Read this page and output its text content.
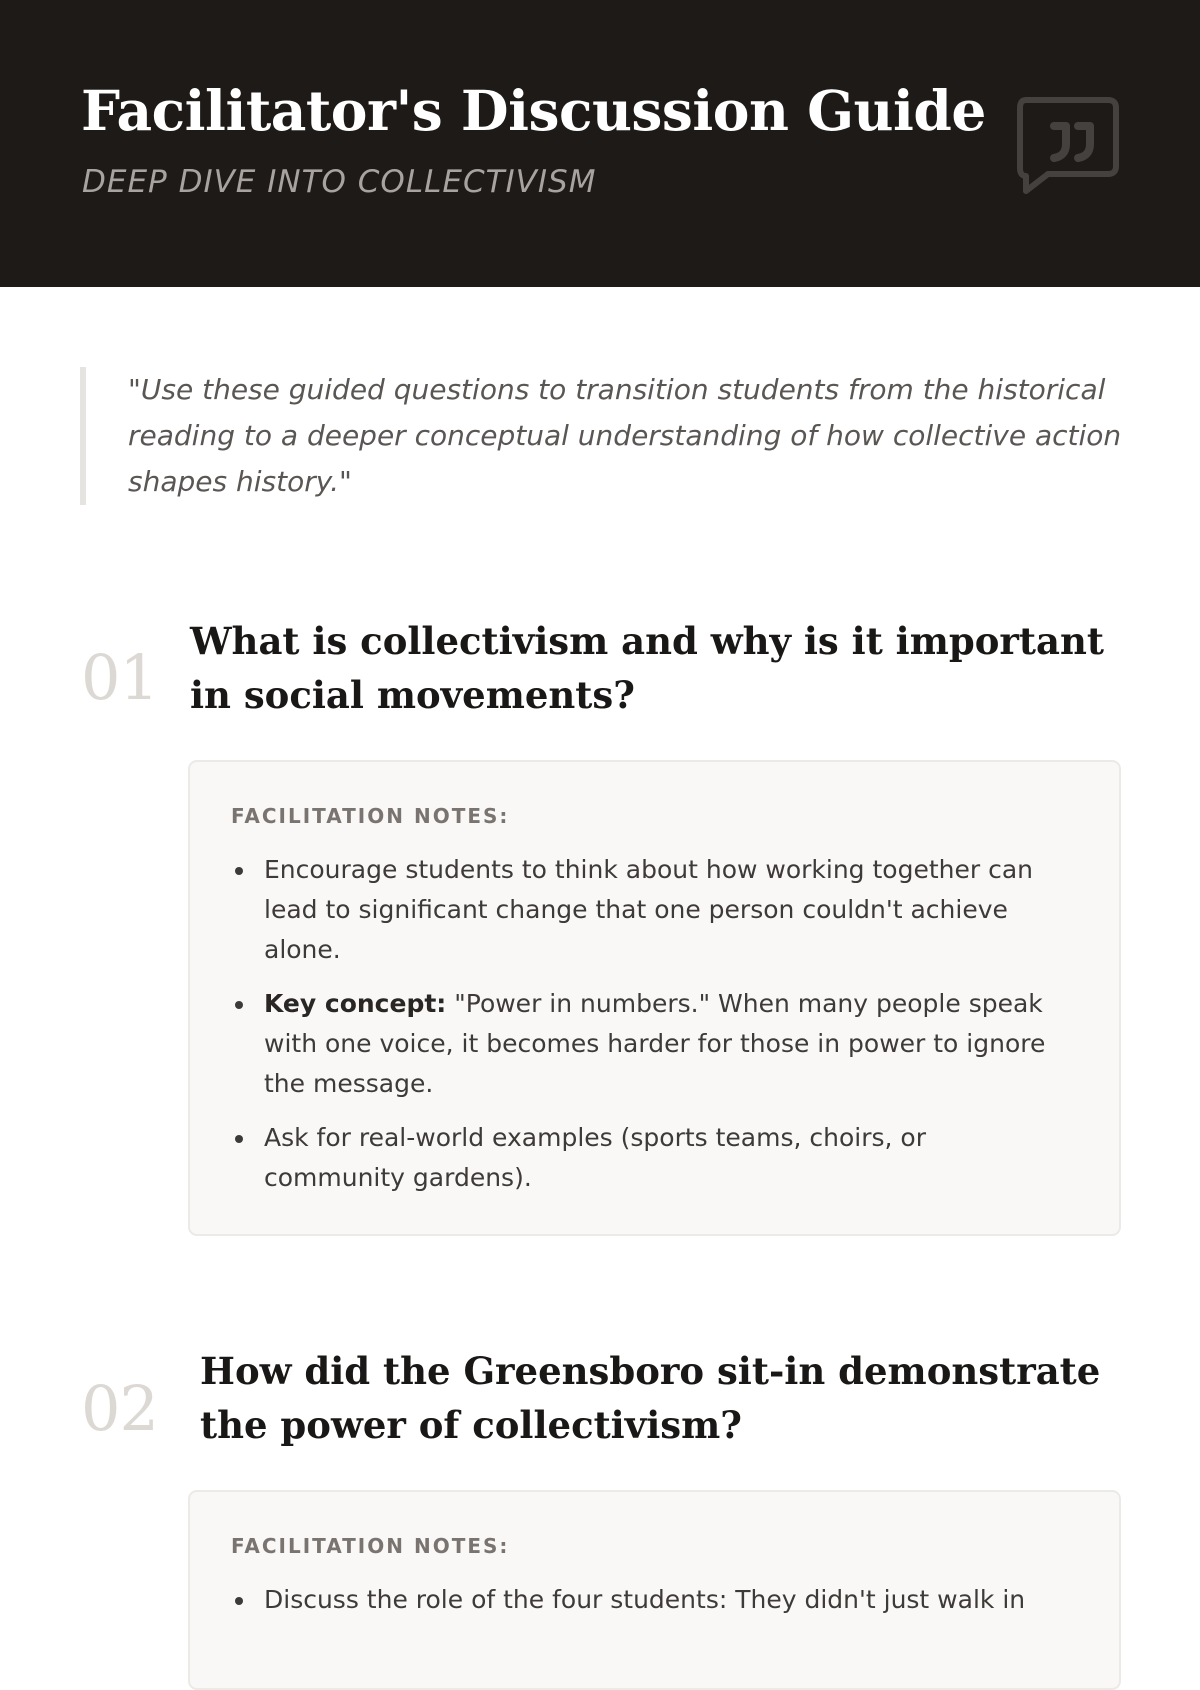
Facilitator's Discussion Guide
DEEP DIVE INTO COLLECTIVISM
"Use these guided questions to transition students from the historical reading to a deeper conceptual understanding of how collective action shapes history."
01 What is collectivism and why is it important in social movements?
FACILITATION NOTES:
Encourage students to think about how working together can lead to significant change that one person couldn't achieve alone.
Key concept: "Power in numbers." When many people speak with one voice, it becomes harder for those in power to ignore the message.
Ask for real-world examples (sports teams, choirs, or community gardens).
02
How did the Greensboro sit-in demonstrate the power of collectivism?
FACILITATION NOTES:
Discuss the role of the four students: They didn't just walk in
